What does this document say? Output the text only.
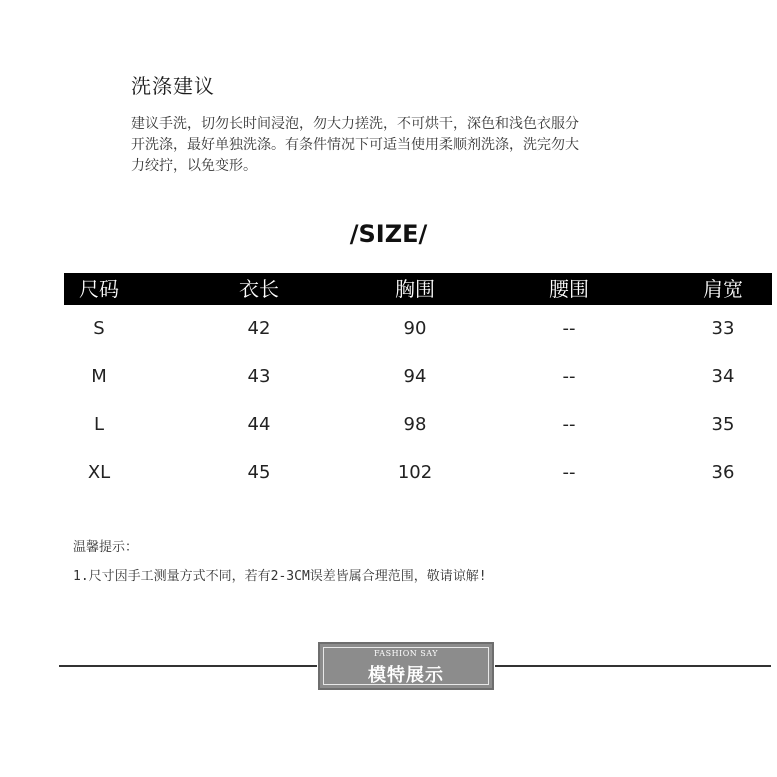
洗涤建议
建议手洗，切勿长时间浸泡，勿大力搓洗，不可烘干，深色和浅色衣服分
开洗涤，最好单独洗涤。有条件情况下可适当使用柔顺剂洗涤，洗完勿大
力绞拧，以免变形。
/SIZE/
尺码	衣长	胸围	腰围	肩宽
S	42	90	--	33
M	43	94	--	34
L	44	98	--	35
XL	45	102	--	36
温馨提示：
1.尺寸因手工测量方式不同，若有2-3CM误差皆属合理范围，敬请谅解!
FASHION SAY
模特展示
